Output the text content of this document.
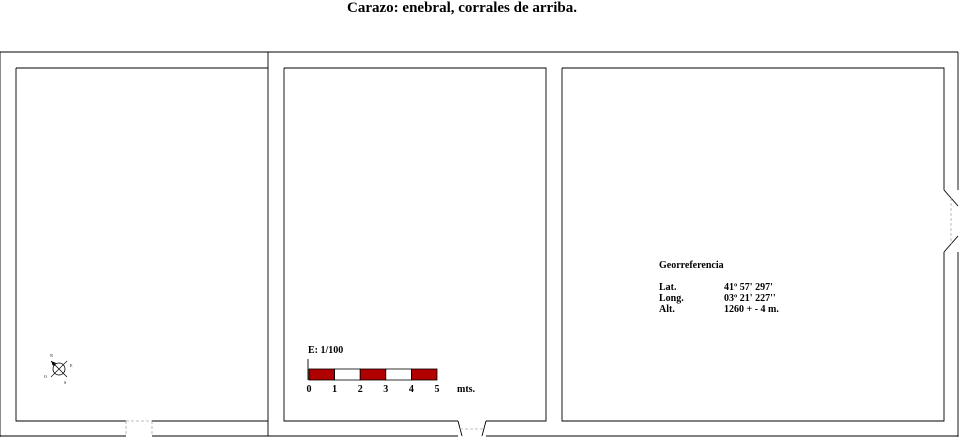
Carazo: enebral, corrales de arriba.
N
E
S
O
E: 1/100
0 1 2 3 4 5 mts.
Georreferencia
Lat.	41º 57' 297'
Long.	03º 21' 227''
Alt.	1260 + - 4 m.
